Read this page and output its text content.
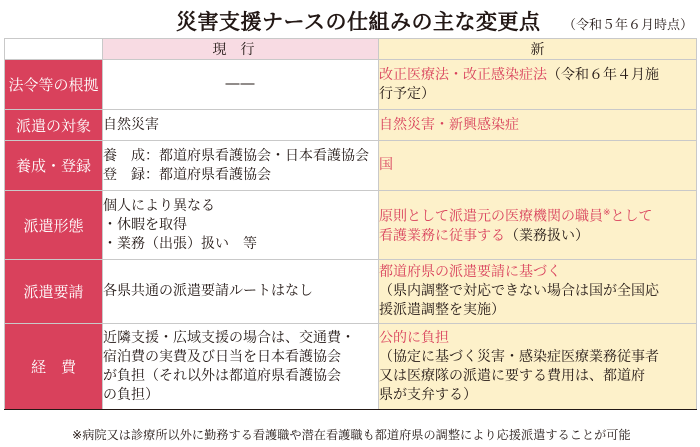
災害支援ナースの仕組みの主な変更点 （令和５年６月時点）
	現行	新
法令等の根拠	――	改正医療法・改正感染症法（令和６年４月施
行予定）

派遣の対象	自然災害	自然災害・新興感染症

養成・登録	養　成：都道府県看護協会・日本看護協会
登　録：都道府県看護協会	国

派遣形態	個人により異なる
・休暇を取得
・業務（出張）扱い　等	原則として派遣元の医療機関の職員※として
看護業務に従事する（業務扱い）

派遣要請	各県共通の派遣要請ルートはなし	都道府県の派遣要請に基づく
（県内調整で対応できない場合は国が全国応
援派遣調整を実施）

経　費	近隣支援・広域支援の場合は、交通費・
宿泊費の実費及び日当を日本看護協会
が負担（それ以外は都道府県看護協会
の負担）	公的に負担
（協定に基づく災害・感染症医療業務従事者
又は医療隊の派遣に要する費用は、都道府
県が支弁する）
※病院又は診療所以外に勤務する看護職や潜在看護職も都道府県の調整により応援派遣することが可能
